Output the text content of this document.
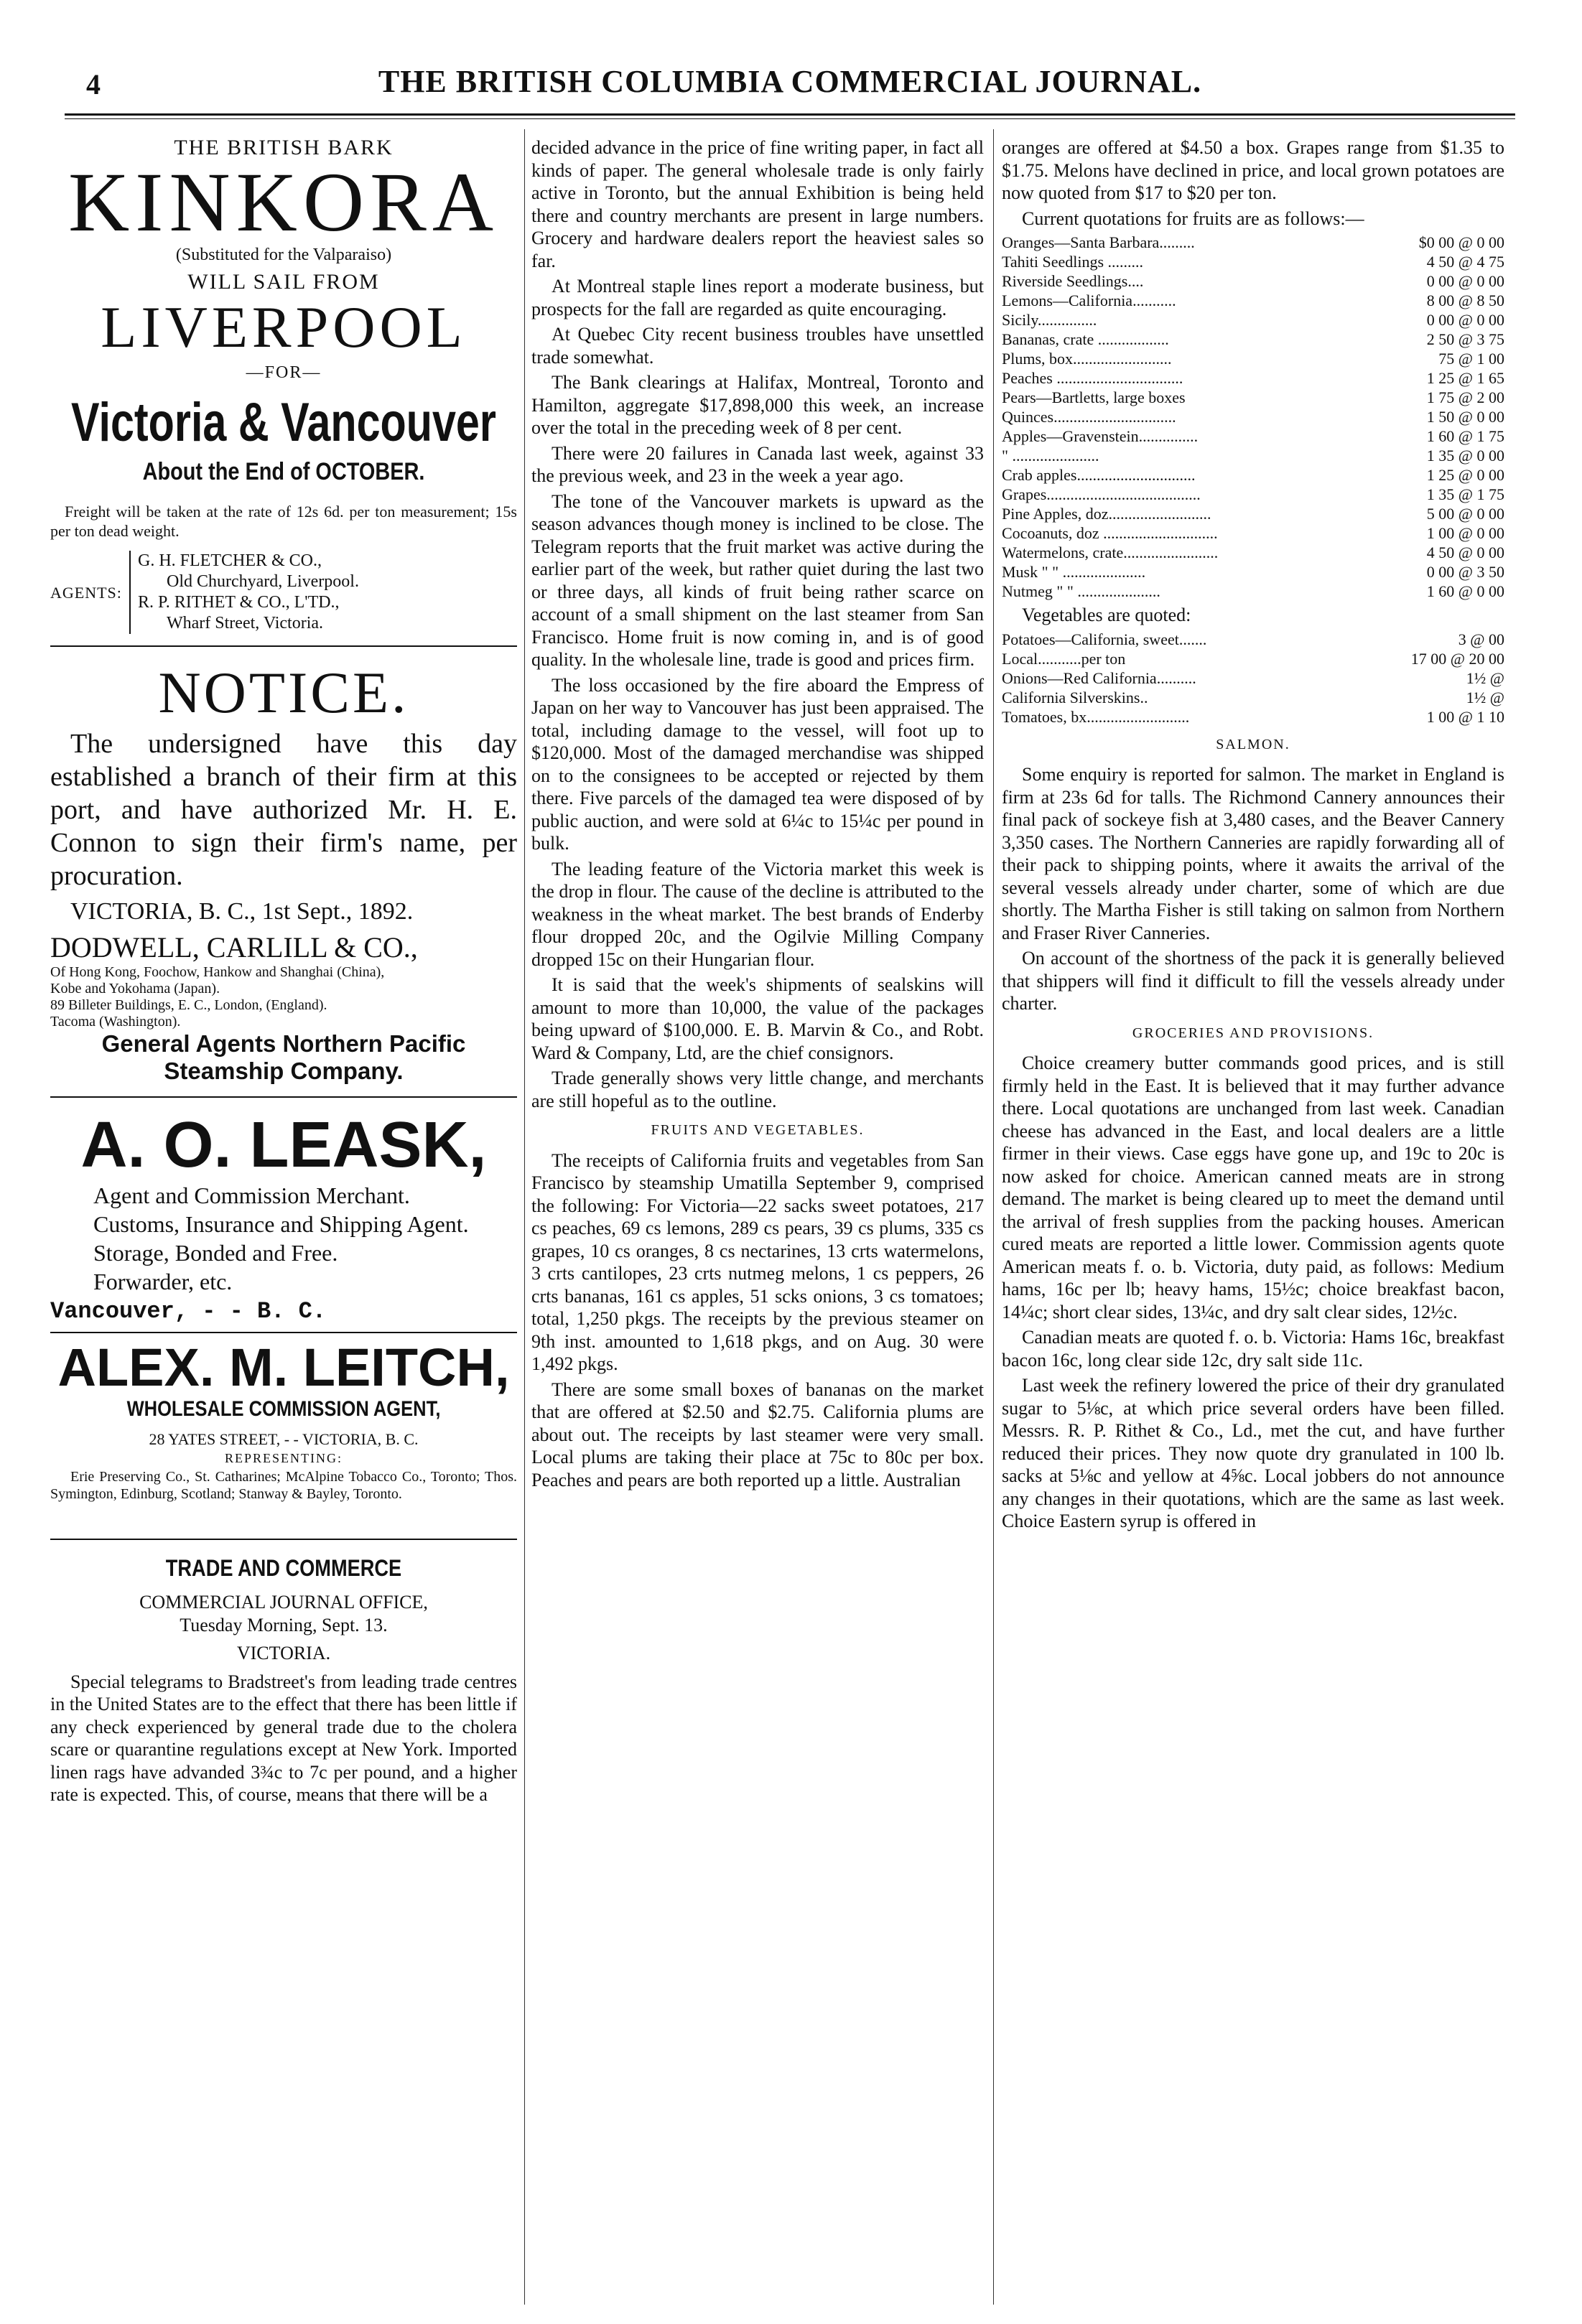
4	THE BRITISH COLUMBIA COMMERCIAL JOURNAL.
THE BRITISH BARK
KINKORA
(Substituted for the Valparaiso)
WILL SAIL FROM
LIVERPOOL
—FOR—
Victoria & Vancouver
About the End of OCTOBER.

Freight will be taken at the rate of 12s 6d. per ton measurement; 15s per ton dead weight.

AGENTS:
G. H. FLETCHER & CO.,
Old Churchyard, Liverpool.
R. P. RITHET & CO., L'TD.,
Wharf Street, Victoria.
NOTICE.

The undersigned have this day established a branch of their firm at this port, and have authorized Mr. H. E. Connon to sign their firm's name, per procuration.

VICTORIA, B. C., 1st Sept., 1892.

DODWELL, CARLILL & CO.,
Of Hong Kong, Foochow, Hankow and Shanghai (China),
Kobe and Yokohama (Japan).
89 Billeter Buildings, E. C., London, (England).
Tacoma (Washington).
General Agents Northern Pacific Steamship Company.
A. O. LEASK,
Agent and Commission Merchant.
Customs, Insurance and Shipping Agent.
Storage, Bonded and Free.
Forwarder, etc.
Vancouver, - - B. C.
ALEX. M. LEITCH,
WHOLESALE COMMISSION AGENT,
28 YATES STREET, - - VICTORIA, B. C.
REPRESENTING:

Erie Preserving Co., St. Catharines; McAlpine Tobacco Co., Toronto; Thos. Symington, Edinburg, Scotland; Stanway & Bayley, Toronto.

TRADE AND COMMERCE
COMMERCIAL JOURNAL OFFICE,
Tuesday Morning, Sept. 13.
VICTORIA.

Special telegrams to Bradstreet's from leading trade centres in the United States are to the effect that there has been little if any check experienced by general trade due to the cholera scare or quarantine regulations except at New York. Imported linen rags have advanded 3¾c to 7c per pound, and a higher rate is expected. This, of course, means that there will be a

decided advance in the price of fine writing paper, in fact all kinds of paper. The general wholesale trade is only fairly active in Toronto, but the annual Exhibition is being held there and country merchants are present in large numbers. Grocery and hardware dealers report the heaviest sales so far.

At Montreal staple lines report a moderate business, but prospects for the fall are regarded as quite encouraging.

At Quebec City recent business troubles have unsettled trade somewhat.

The Bank clearings at Halifax, Montreal, Toronto and Hamilton, aggregate $17,898,000 this week, an increase over the total in the preceding week of 8 per cent.

There were 20 failures in Canada last week, against 33 the previous week, and 23 in the week a year ago.

The tone of the Vancouver markets is upward as the season advances though money is inclined to be close. The Telegram reports that the fruit market was active during the earlier part of the week, but rather quiet during the last two or three days, all kinds of fruit being rather scarce on account of a small shipment on the last steamer from San Francisco. Home fruit is now coming in, and is of good quality. In the wholesale line, trade is good and prices firm.

The loss occasioned by the fire aboard the Empress of Japan on her way to Vancouver has just been appraised. The total, including damage to the vessel, will foot up to $120,000. Most of the damaged merchandise was shipped on to the consignees to be accepted or rejected by them there. Five parcels of the damaged tea were disposed of by public auction, and were sold at 6¼c to 15¼c per pound in bulk.

The leading feature of the Victoria market this week is the drop in flour. The cause of the decline is attributed to the weakness in the wheat market. The best brands of Enderby flour dropped 20c, and the Ogilvie Milling Company dropped 15c on their Hungarian flour.

It is said that the week's shipments of sealskins will amount to more than 10,000, the value of the packages being upward of $100,000. E. B. Marvin & Co., and Robt. Ward & Company, Ltd, are the chief consignors.

Trade generally shows very little change, and merchants are still hopeful as to the outline.

FRUITS AND VEGETABLES.

The receipts of California fruits and vegetables from San Francisco by steamship Umatilla September 9, comprised the following: For Victoria—22 sacks sweet potatoes, 217 cs peaches, 69 cs lemons, 289 cs pears, 39 cs plums, 335 cs grapes, 10 cs oranges, 8 cs nectarines, 13 crts watermelons, 3 crts cantilopes, 23 crts nutmeg melons, 1 cs peppers, 26 crts bananas, 161 cs apples, 51 scks onions, 3 cs tomatoes; total, 1,250 pkgs. The receipts by the previous steamer on 9th inst. amounted to 1,618 pkgs, and on Aug. 30 were 1,492 pkgs.

There are some small boxes of bananas on the market that are offered at $2.50 and $2.75. California plums are about out. The receipts by last steamer were very small. Local plums are taking their place at 75c to 80c per box. Peaches and pears are both reported up a little. Australian

oranges are offered at $4.50 a box. Grapes range from $1.35 to $1.75. Melons have declined in price, and local grown potatoes are now quoted from $17 to $20 per ton.

Current quotations for fruits are as follows:—

Oranges—Santa Barbara.........	$0 00 @ 0 00
Tahiti Seedlings .........	4 50 @ 4 75
Riverside Seedlings....	0 00 @ 0 00
Lemons—California...........	8 00 @ 8 50
Sicily...............	0 00 @ 0 00
Bananas, crate ..................	2 50 @ 3 75
Plums, box.........................	75 @ 1 00
Peaches ................................	1 25 @ 1 65
Pears—Bartletts, large boxes	1 75 @ 2 00
Quinces...............................	1 50 @ 0 00
Apples—Gravenstein...............	1 60 @ 1 75
" ......................	1 35 @ 0 00
Crab apples..............................	1 25 @ 0 00
Grapes.......................................	1 35 @ 1 75
Pine Apples, doz..........................	5 00 @ 0 00
Cocoanuts, doz .............................	1 00 @ 0 00
Watermelons, crate........................	4 50 @ 0 00
Musk " " .....................	0 00 @ 3 50
Nutmeg " " .....................	1 60 @ 0 00

Vegetables are quoted:

Potatoes—California, sweet.......	3 @ 00
Local...........per ton	17 00 @ 20 00
Onions—Red California..........	1½ @
California Silverskins..	1½ @
Tomatoes, bx..........................	1 00 @ 1 10
SALMON.

Some enquiry is reported for salmon. The market in England is firm at 23s 6d for talls. The Richmond Cannery announces their final pack of sockeye fish at 3,480 cases, and the Beaver Cannery 3,350 cases. The Northern Canneries are rapidly forwarding all of their pack to shipping points, where it awaits the arrival of the several vessels already under charter, some of which are due shortly. The Martha Fisher is still taking on salmon from Northern and Fraser River Canneries.

On account of the shortness of the pack it is generally believed that shippers will find it difficult to fill the vessels already under charter.

GROCERIES AND PROVISIONS.

Choice creamery butter commands good prices, and is still firmly held in the East. It is believed that it may further advance there. Local quotations are unchanged from last week. Canadian cheese has advanced in the East, and local dealers are a little firmer in their views. Case eggs have gone up, and 19c to 20c is now asked for choice. American canned meats are in strong demand. The market is being cleared up to meet the demand until the arrival of fresh supplies from the packing houses. American cured meats are reported a little lower. Commission agents quote American meats f. o. b. Victoria, duty paid, as follows: Medium hams, 16c per lb; heavy hams, 15½c; choice breakfast bacon, 14¼c; short clear sides, 13¼c, and dry salt clear sides, 12½c.

Canadian meats are quoted f. o. b. Victoria: Hams 16c, breakfast bacon 16c, long clear side 12c, dry salt side 11c.

Last week the refinery lowered the price of their dry granulated sugar to 5⅛c, at which price several orders have been filled. Messrs. R. P. Rithet & Co., Ld., met the cut, and have further reduced their prices. They now quote dry granulated in 100 lb. sacks at 5⅛c and yellow at 4⅝c. Local jobbers do not announce any changes in their quotations, which are the same as last week. Choice Eastern syrup is offered in
